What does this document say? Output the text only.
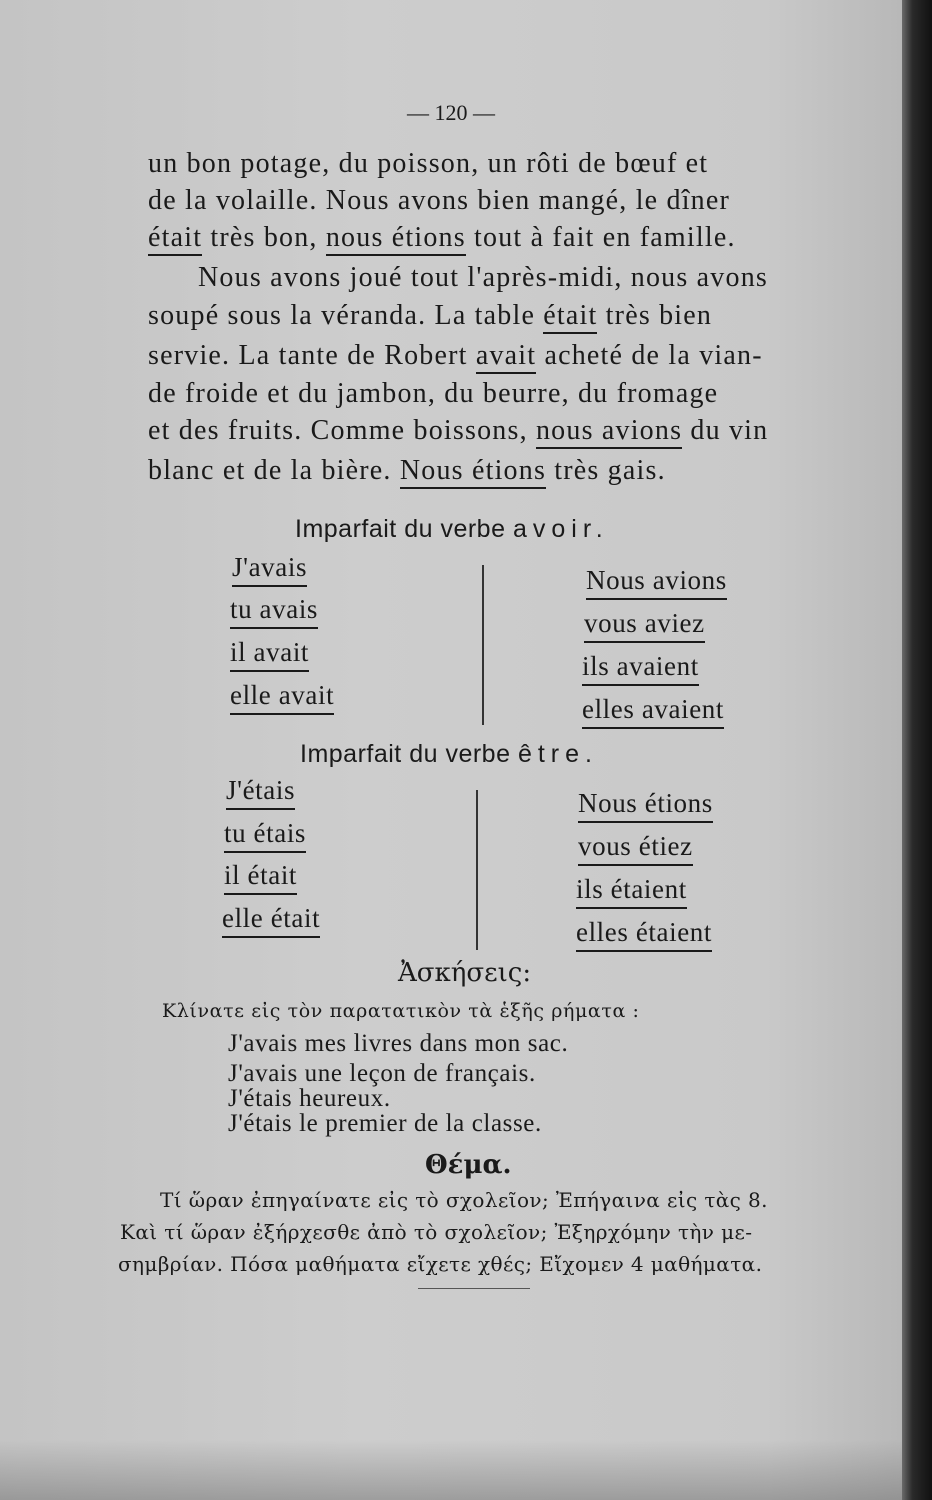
— 120 —
un bon potage, du poisson, un rôti de bœuf et
de la volaille. Nous avons bien mangé, le dîner
était très bon, nous étions tout à fait en famille.
Nous avons joué tout l'après-midi, nous avons
soupé sous la véranda. La table était très bien
servie. La tante de Robert avait acheté de la vian-
de froide et du jambon, du beurre, du fromage
et des fruits. Comme boissons, nous avions du vin
blanc et de la bière. Nous étions très gais.
Imparfait du verbe avoir.
J'avais
tu avais
il avait
elle avait
Nous avions
vous aviez
ils avaient
elles avaient
Imparfait du verbe être.
J'étais
tu étais
il était
elle était
Nous étions
vous étiez
ils étaient
elles étaient
Ἀσκήσεις:
Κλίνατε εἰς τὸν παρατατικὸν τὰ ἑξῆς ρήματα :
J'avais mes livres dans mon sac.
J'avais une leçon de français.
J'étais heureux.
J'étais le premier de la classe.
Θέμα.
Τί ὥραν ἐπηγαίνατε εἰς τὸ σχολεῖον; Ἐπήγαινα εἰς τὰς 8.
Καὶ τί ὥραν ἐξήρχεσθε ἀπὸ τὸ σχολεῖον; Ἐξηρχόμην τὴν με-
σημβρίαν. Πόσα μαθήματα εἴχετε χθές; Εἴχομεν 4 μαθήματα.
